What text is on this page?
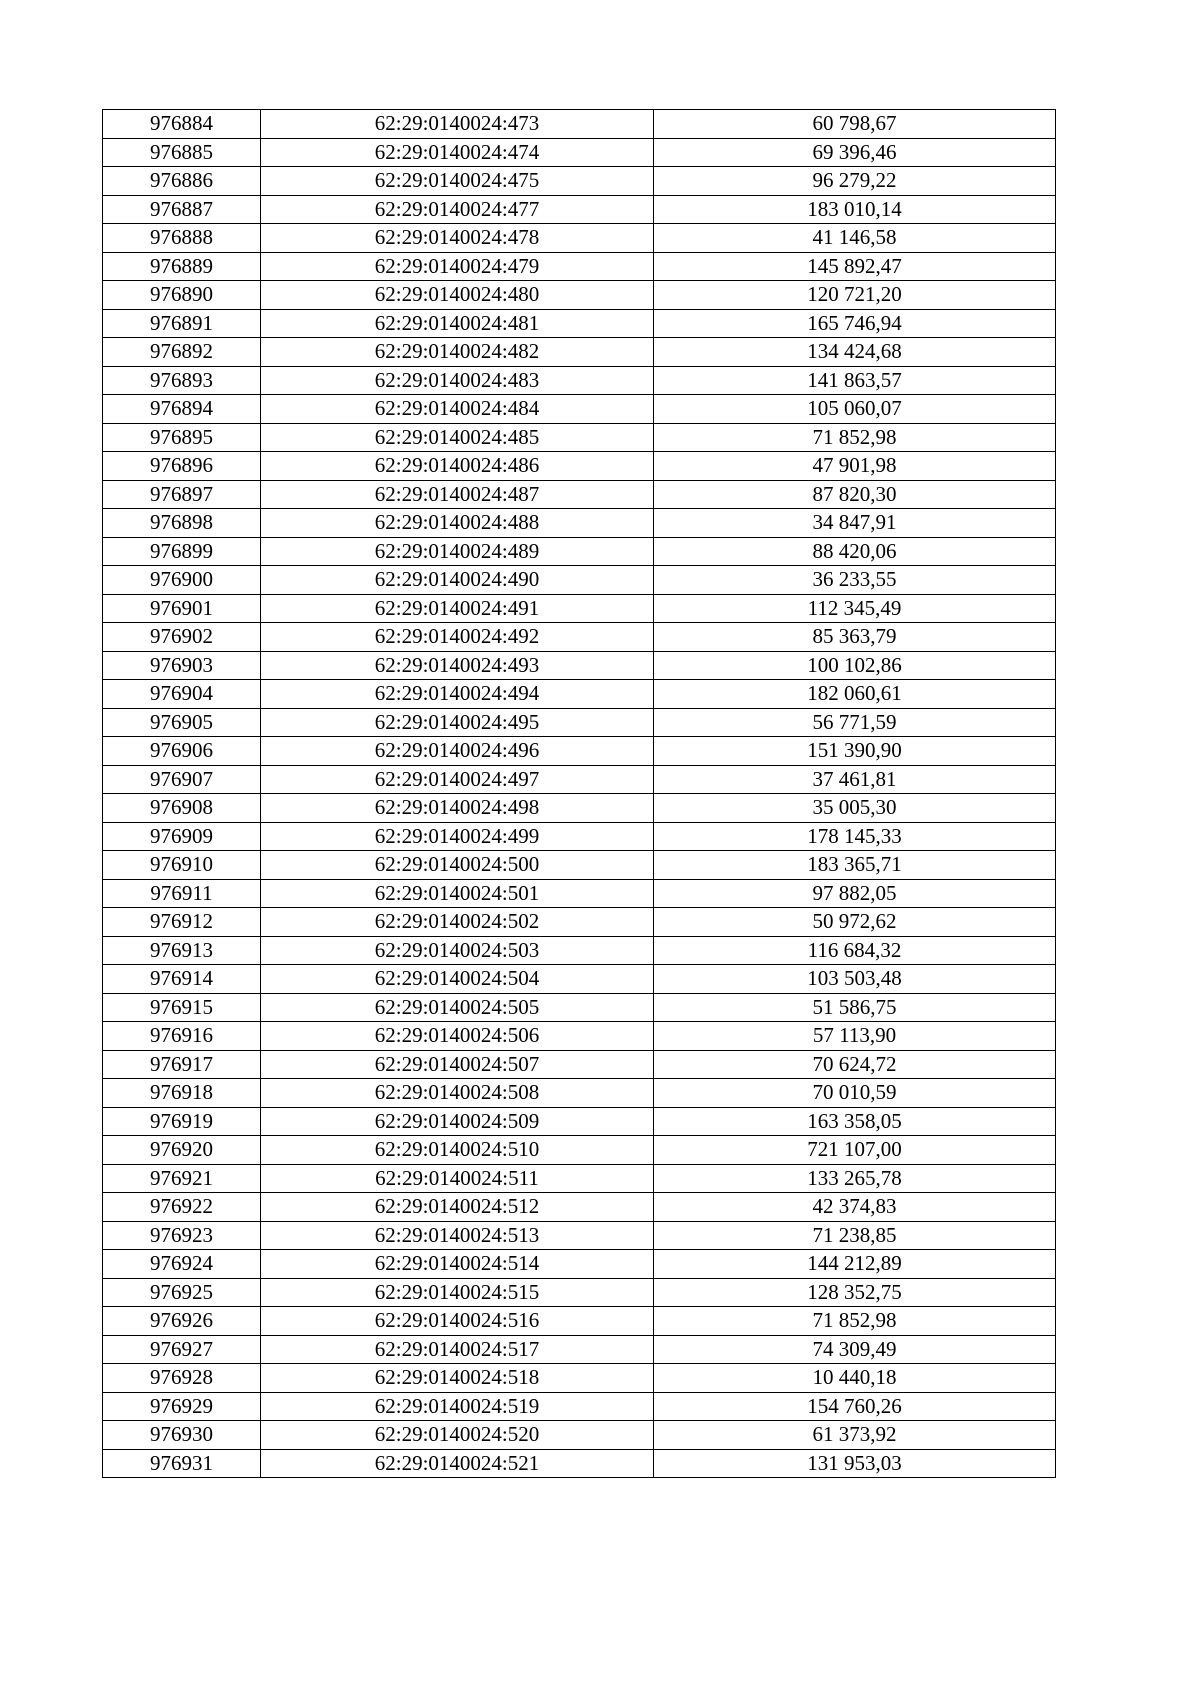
976884	62:29:0140024:473	60 798,67
976885	62:29:0140024:474	69 396,46
976886	62:29:0140024:475	96 279,22
976887	62:29:0140024:477	183 010,14
976888	62:29:0140024:478	41 146,58
976889	62:29:0140024:479	145 892,47
976890	62:29:0140024:480	120 721,20
976891	62:29:0140024:481	165 746,94
976892	62:29:0140024:482	134 424,68
976893	62:29:0140024:483	141 863,57
976894	62:29:0140024:484	105 060,07
976895	62:29:0140024:485	71 852,98
976896	62:29:0140024:486	47 901,98
976897	62:29:0140024:487	87 820,30
976898	62:29:0140024:488	34 847,91
976899	62:29:0140024:489	88 420,06
976900	62:29:0140024:490	36 233,55
976901	62:29:0140024:491	112 345,49
976902	62:29:0140024:492	85 363,79
976903	62:29:0140024:493	100 102,86
976904	62:29:0140024:494	182 060,61
976905	62:29:0140024:495	56 771,59
976906	62:29:0140024:496	151 390,90
976907	62:29:0140024:497	37 461,81
976908	62:29:0140024:498	35 005,30
976909	62:29:0140024:499	178 145,33
976910	62:29:0140024:500	183 365,71
976911	62:29:0140024:501	97 882,05
976912	62:29:0140024:502	50 972,62
976913	62:29:0140024:503	116 684,32
976914	62:29:0140024:504	103 503,48
976915	62:29:0140024:505	51 586,75
976916	62:29:0140024:506	57 113,90
976917	62:29:0140024:507	70 624,72
976918	62:29:0140024:508	70 010,59
976919	62:29:0140024:509	163 358,05
976920	62:29:0140024:510	721 107,00
976921	62:29:0140024:511	133 265,78
976922	62:29:0140024:512	42 374,83
976923	62:29:0140024:513	71 238,85
976924	62:29:0140024:514	144 212,89
976925	62:29:0140024:515	128 352,75
976926	62:29:0140024:516	71 852,98
976927	62:29:0140024:517	74 309,49
976928	62:29:0140024:518	10 440,18
976929	62:29:0140024:519	154 760,26
976930	62:29:0140024:520	61 373,92
976931	62:29:0140024:521	131 953,03
